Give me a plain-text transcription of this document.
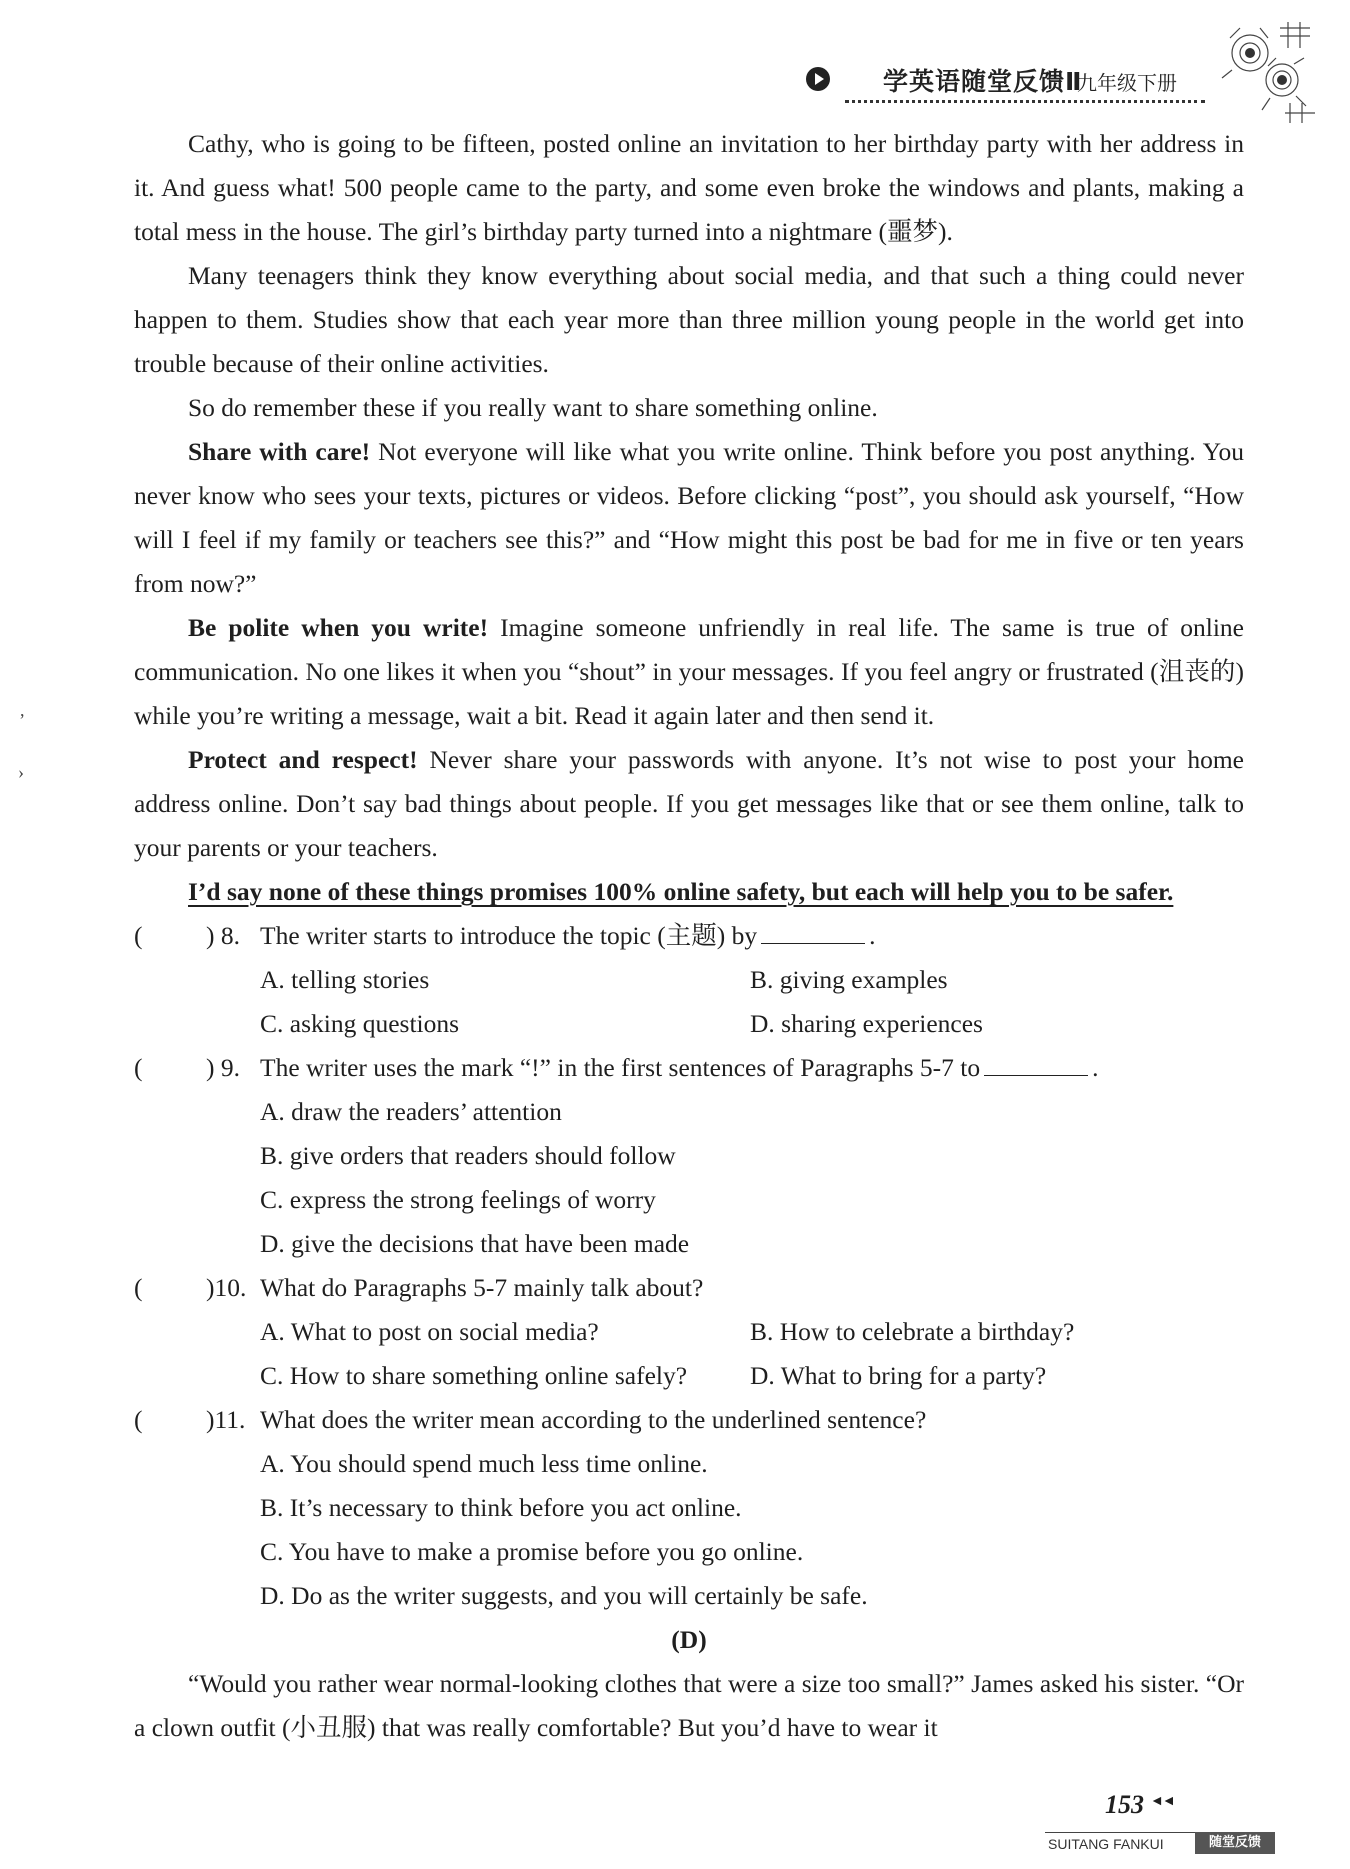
学英语随堂反馈Ⅱ
九年级下册
,
›

Cathy, who is going to be fifteen, posted online an invitation to her birthday party with her address in it. And guess what! 500 people came to the party, and some even broke the windows and plants, making a total mess in the house. The girl’s birthday party turned into a nightmare (噩梦).

Many teenagers think they know everything about social media, and that such a thing could never happen to them. Studies show that each year more than three million young people in the world get into trouble because of their online activities.

So do remember these if you really want to share something online.

Share with care! Not everyone will like what you write online. Think before you post anything. You never know who sees your texts, pictures or videos. Before clicking “post”, you should ask yourself, “How will I feel if my family or teachers see this?” and “How might this post be bad for me in five or ten years from now?”

Be polite when you write! Imagine someone unfriendly in real life. The same is true of online communication. No one likes it when you “shout” in your messages. If you feel angry or frustrated (沮丧的) while you’re writing a message, wait a bit. Read it again later and then send it.

Protect and respect! Never share your passwords with anyone. It’s not wise to post your home address online. Don’t say bad things about people. If you get messages like that or see them online, talk to your parents or your teachers.

I’d say none of these things promises 100% online safety, but each will help you to be safer.

( ) 8. The writer starts to introduce the topic (主题) by	.
A. telling stories	B. giving examples
C. asking questions	D. sharing experiences
( ) 9. The writer uses the mark “!” in the first sentences of Paragraphs 5-7 to	.
A. draw the readers’ attention
B. give orders that readers should follow
C. express the strong feelings of worry
D. give the decisions that have been made
( )10. What do Paragraphs 5-7 mainly talk about?
A. What to post on social media?	B. How to celebrate a birthday?
C. How to share something online safely? D. What to bring for a party?
( )11. What does the writer mean according to the underlined sentence?
A. You should spend much less time online.
B. It’s necessary to think before you act online.
C. You have to make a promise before you go online.
D. Do as the writer suggests, and you will certainly be safe.
(D)

“Would you rather wear normal-looking clothes that were a size too small?” James asked his sister. “Or a clown outfit (小丑服) that was really comfortable? But you’d have to wear it

153 ◄◄
SUITANG FANKUI	随堂反馈
